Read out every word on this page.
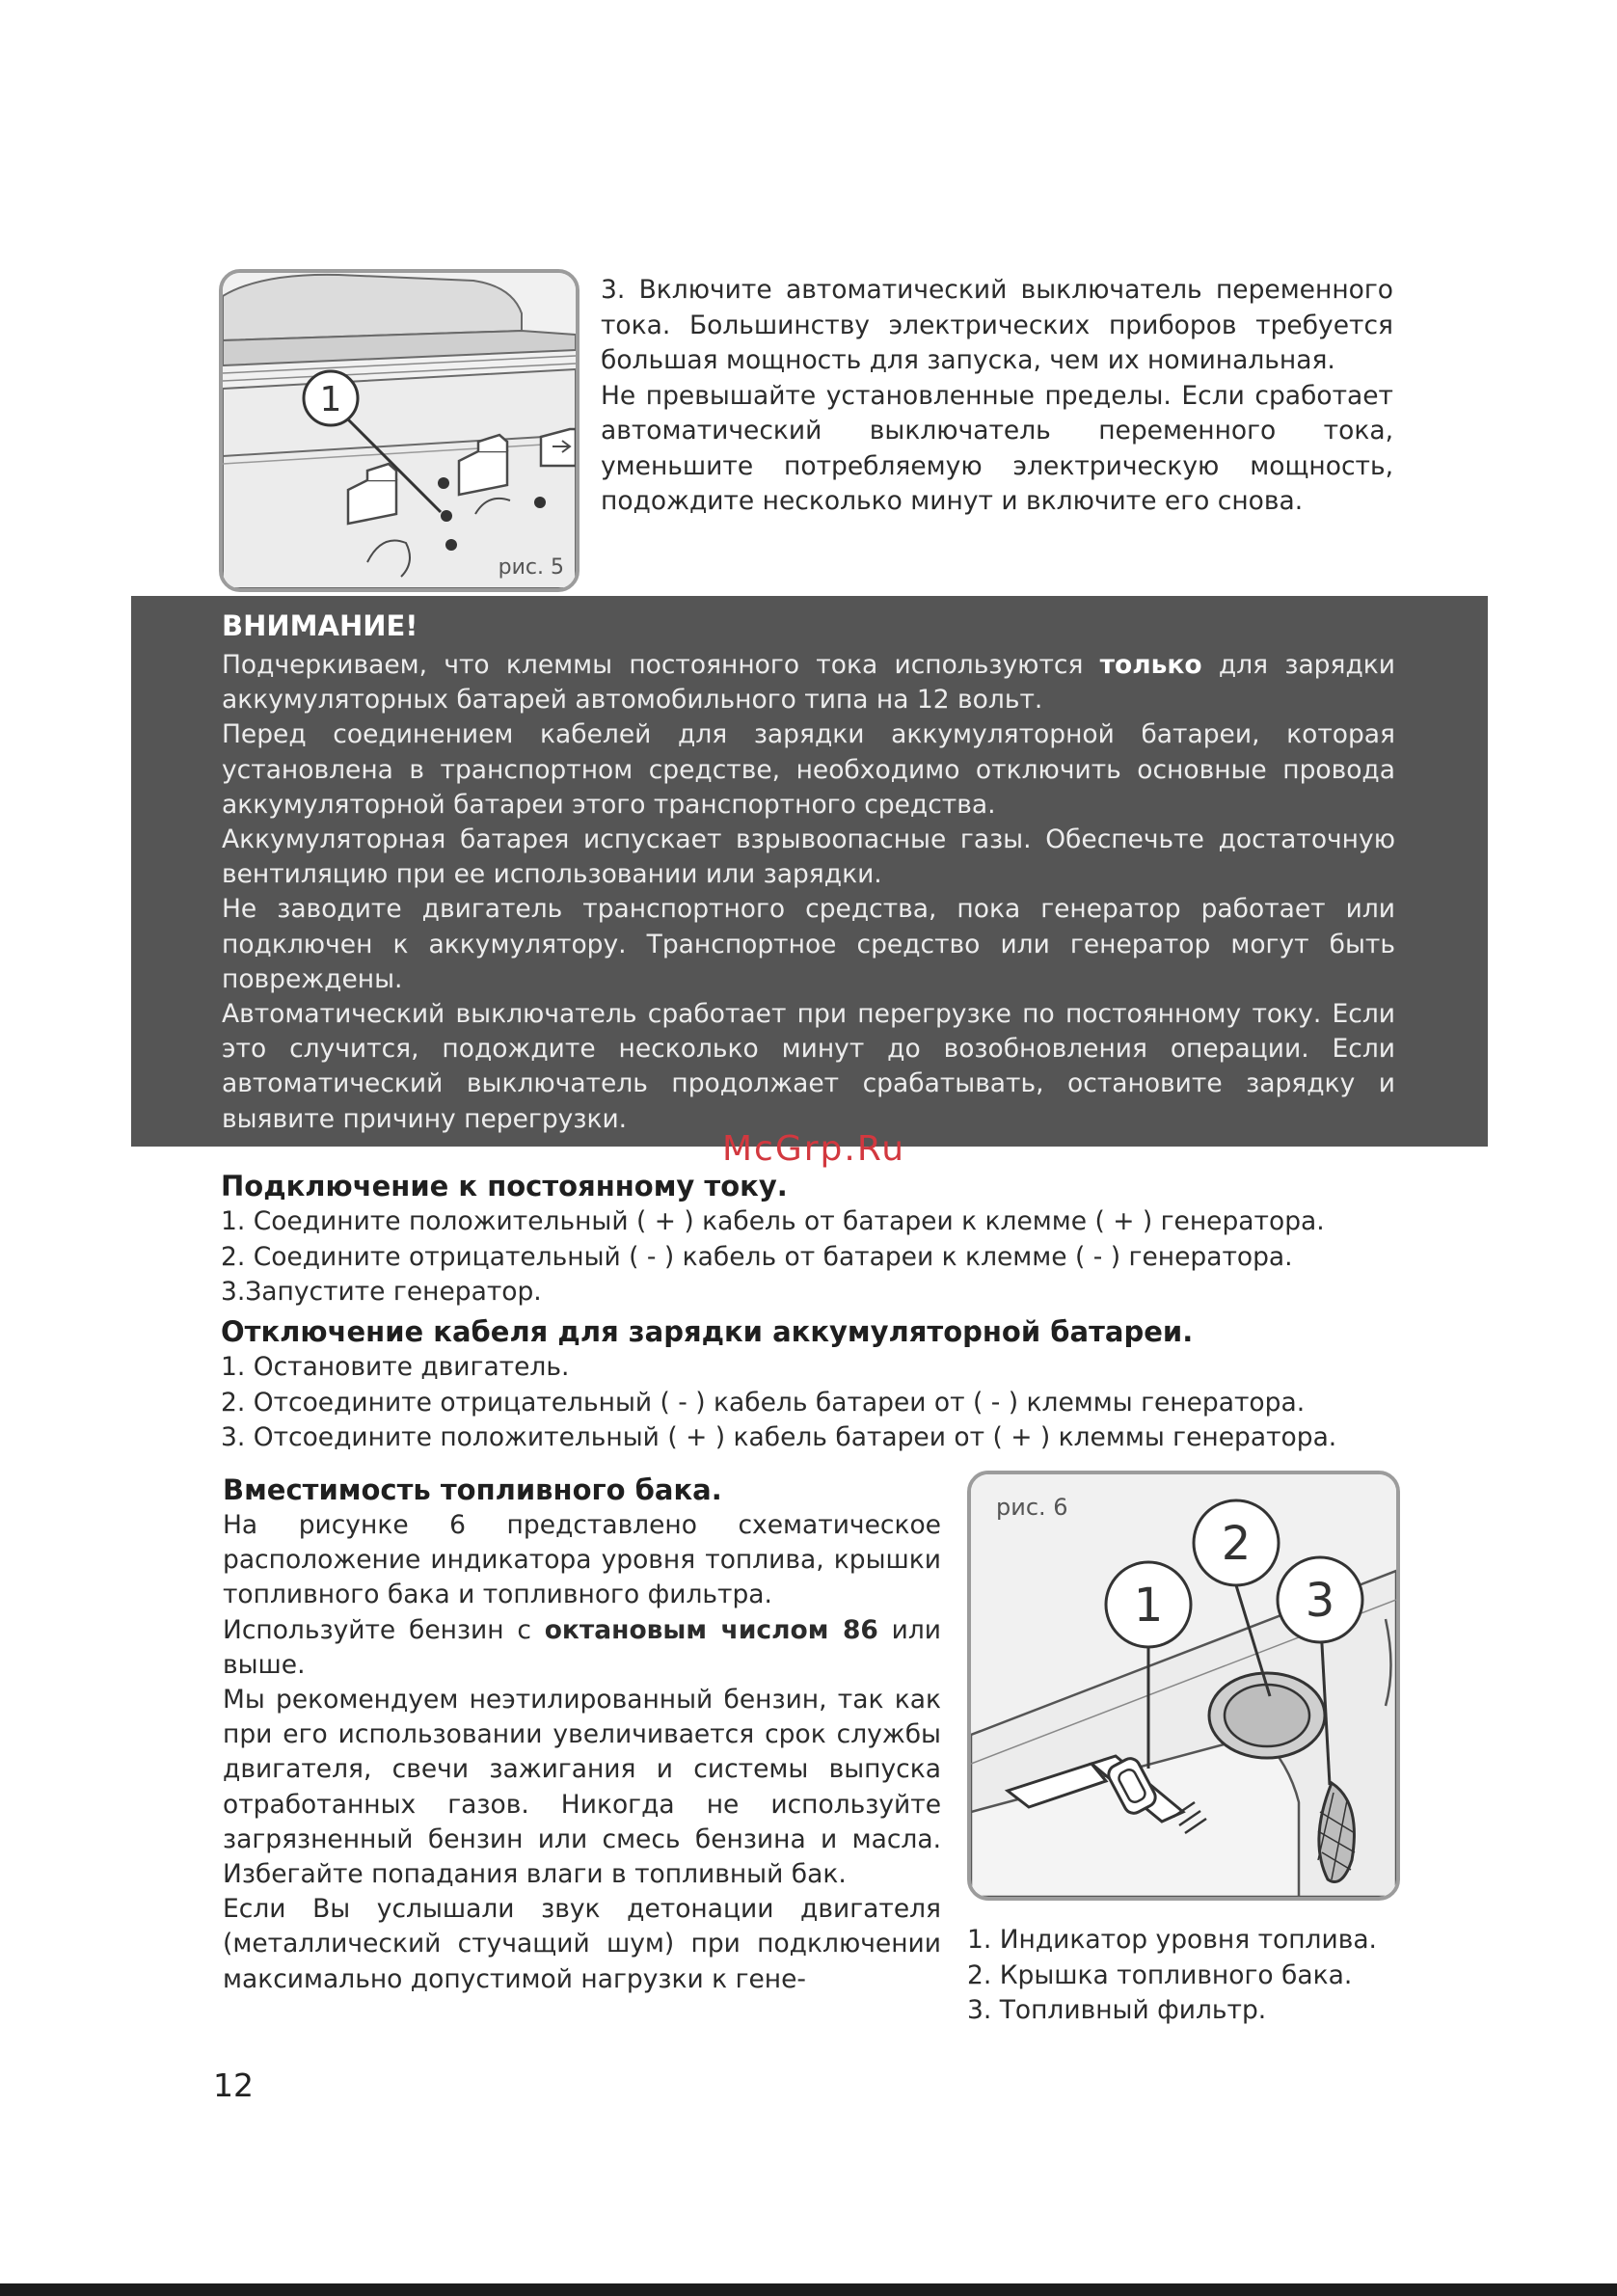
1
рис. 5

3. Включите автоматический выключатель переменного тока. Большинству электрических приборов требуется большая мощность для запуска, чем их номинальная.

Не превышайте установленные пределы. Если сработает автоматический выключатель переменного тока, уменьшите потребляемую электрическую мощность, подождите несколько минут и включите его снова.

ВНИМАНИЕ!

Подчеркиваем, что клеммы постоянного тока используются только для зарядки аккумуляторных батарей автомобильного типа на 12 вольт.

Перед соединением кабелей для зарядки аккумуляторной батареи, которая установлена в транспортном средстве, необходимо отключить основные провода аккумуляторной батареи этого транспортного средства.

Аккумуляторная батарея испускает взрывоопасные газы. Обеспечьте достаточную вентиляцию при ее использовании или зарядки.

Не заводите двигатель транспортного средства, пока генератор работает или подключен к аккумулятору. Транспортное средство или генератор могут быть повреждены.

Автоматический выключатель сработает при перегрузке по постоянному току. Если это случится, подождите несколько минут до возобновления операции. Если автоматический выключатель продолжает срабатывать, остановите зарядку и выявите причину перегрузки.

McGrp.Ru

Подключение к постоянному току.

1. Соедините положительный ( + ) кабель от батареи к клемме ( + ) генератора.

2. Соедините отрицательный ( - ) кабель от батареи к клемме ( - ) генератора.

3.Запустите генератор.

Отключение кабеля для зарядки аккумуляторной батареи.

1. Остановите двигатель.

2. Отсоедините отрицательный ( - ) кабель батареи от ( - ) клеммы генератора.

3. Отсоедините положительный ( + ) кабель батареи от ( + ) клеммы генератора.

Вместимость топливного бака.

На рисунке 6 представлено схематическое расположение индикатора уровня топлива, крышки топливного бака и топливного фильтра.

Используйте бензин с октановым числом 86 или выше.

Мы рекомендуем неэтилированный бензин, так как при его использовании увеличивается срок службы двигателя, свечи зажигания и системы выпуска отработанных газов. Никогда не используйте загрязненный бензин или смесь бензина и масла. Избегайте попадания влаги в топливный бак.

Если Вы услышали звук детонации двигателя (металлический стучащий шум) при подключении максимально допустимой нагрузки к гене-

1
2
3
рис. 6

1. Индикатор уровня топлива.

2. Крышка топливного бака.

3. Топливный фильтр.

12
